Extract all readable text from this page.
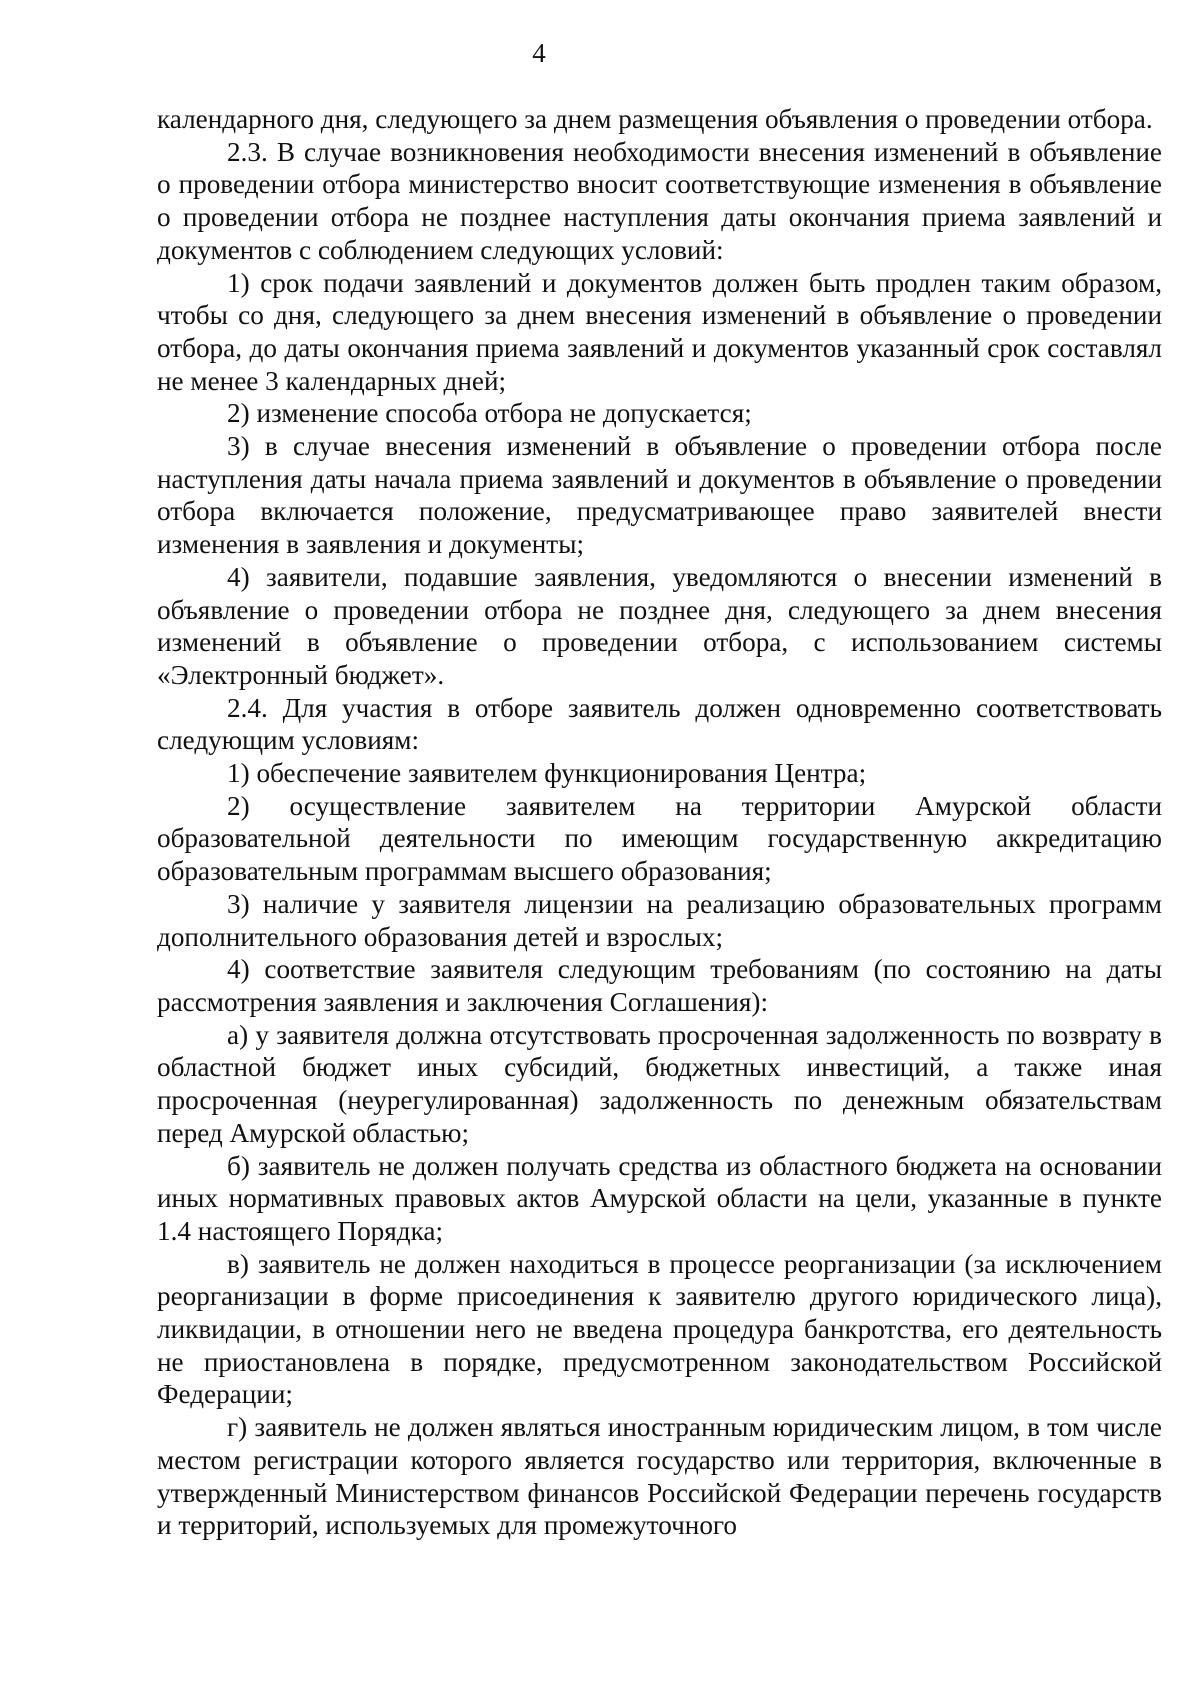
4

календарного дня, следующего за днем размещения объявления о проведении отбора.

2.3. В случае возникновения необходимости внесения изменений в объявление о проведении отбора министерство вносит соответствующие изменения в объявление о проведении отбора не позднее наступления даты окончания приема заявлений и документов с соблюдением следующих условий:

1) срок подачи заявлений и документов должен быть продлен таким образом, чтобы со дня, следующего за днем внесения изменений в объявление о проведении отбора, до даты окончания приема заявлений и документов указанный срок составлял не менее 3 календарных дней;

2) изменение способа отбора не допускается;

3) в случае внесения изменений в объявление о проведении отбора после наступления даты начала приема заявлений и документов в объявление о проведении отбора включается положение, предусматривающее право заявителей внести изменения в заявления и документы;

4) заявители, подавшие заявления, уведомляются о внесении изменений в объявление о проведении отбора не позднее дня, следующего за днем внесения изменений в объявление о проведении отбора, с использованием системы «Электронный бюджет».

2.4. Для участия в отборе заявитель должен одновременно соответствовать следующим условиям:

1) обеспечение заявителем функционирования Центра;

2) осуществление заявителем на территории Амурской области образовательной деятельности по имеющим государственную аккредитацию образовательным программам высшего образования;

3) наличие у заявителя лицензии на реализацию образовательных программ дополнительного образования детей и взрослых;

4) соответствие заявителя следующим требованиям (по состоянию на даты рассмотрения заявления и заключения Соглашения):

а) у заявителя должна отсутствовать просроченная задолженность по возврату в областной бюджет иных субсидий, бюджетных инвестиций, а также иная просроченная (неурегулированная) задолженность по денежным обязательствам перед Амурской областью;

б) заявитель не должен получать средства из областного бюджета на основании иных нормативных правовых актов Амурской области на цели, указанные в пункте 1.4 настоящего Порядка;

в) заявитель не должен находиться в процессе реорганизации (за исключением реорганизации в форме присоединения к заявителю другого юридического лица), ликвидации, в отношении него не введена процедура банкротства, его деятельность не приостановлена в порядке, предусмотренном законодательством Российской Федерации;

г) заявитель не должен являться иностранным юридическим лицом, в том числе местом регистрации которого является государство или территория, включенные в утвержденный Министерством финансов Российской Федерации перечень государств и территорий, используемых для промежуточного
